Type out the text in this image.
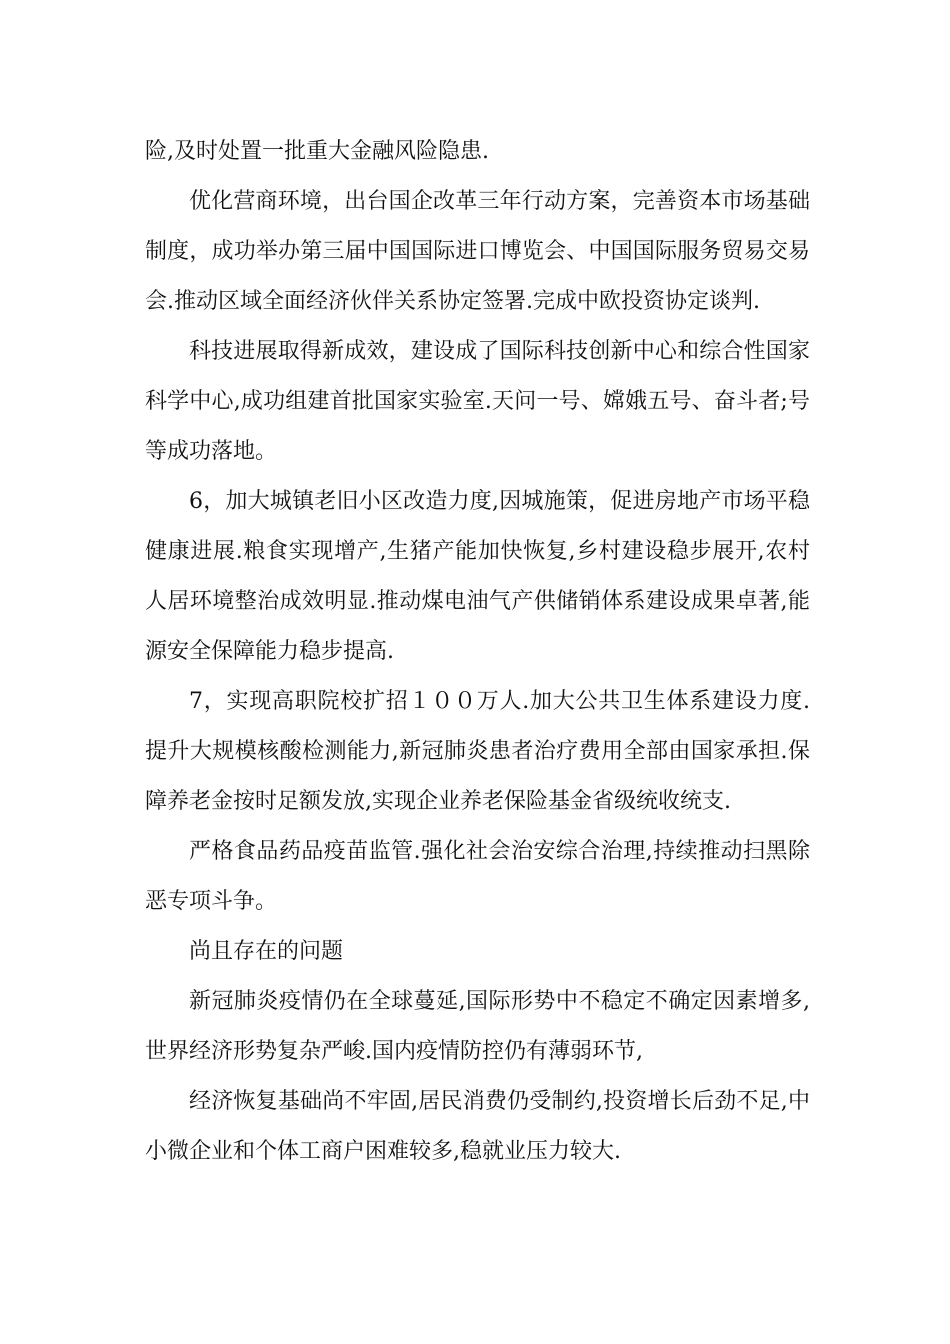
险,及时处置一批重大金融风险隐患.

优化营商环境，出台国企改革三年行动方案，完善资本市场基础制度，成功举办第三届中国国际进口博览会、中国国际服务贸易交易会.推动区域全面经济伙伴关系协定签署.完成中欧投资协定谈判.

科技进展取得新成效，建设成了国际科技创新中心和综合性国家科学中心,成功组建首批国家实验室.天问一号、嫦娥五号、奋斗者;号等成功落地。

6，加大城镇老旧小区改造力度,因城施策，促进房地产市场平稳健康进展.粮食实现增产,生猪产能加快恢复,乡村建设稳步展开,农村人居环境整治成效明显.推动煤电油气产供储销体系建设成果卓著,能源安全保障能力稳步提高.

7，实现高职院校扩招１００万人.加大公共卫生体系建设力度.提升大规模核酸检测能力,新冠肺炎患者治疗费用全部由国家承担.保障养老金按时足额发放,实现企业养老保险基金省级统收统支.

严格食品药品疫苗监管.强化社会治安综合治理,持续推动扫黑除恶专项斗争。

尚且存在的问题

新冠肺炎疫情仍在全球蔓延,国际形势中不稳定不确定因素增多,世界经济形势复杂严峻.国内疫情防控仍有薄弱环节,

经济恢复基础尚不牢固,居民消费仍受制约,投资增长后劲不足,中小微企业和个体工商户困难较多,稳就业压力较大.
